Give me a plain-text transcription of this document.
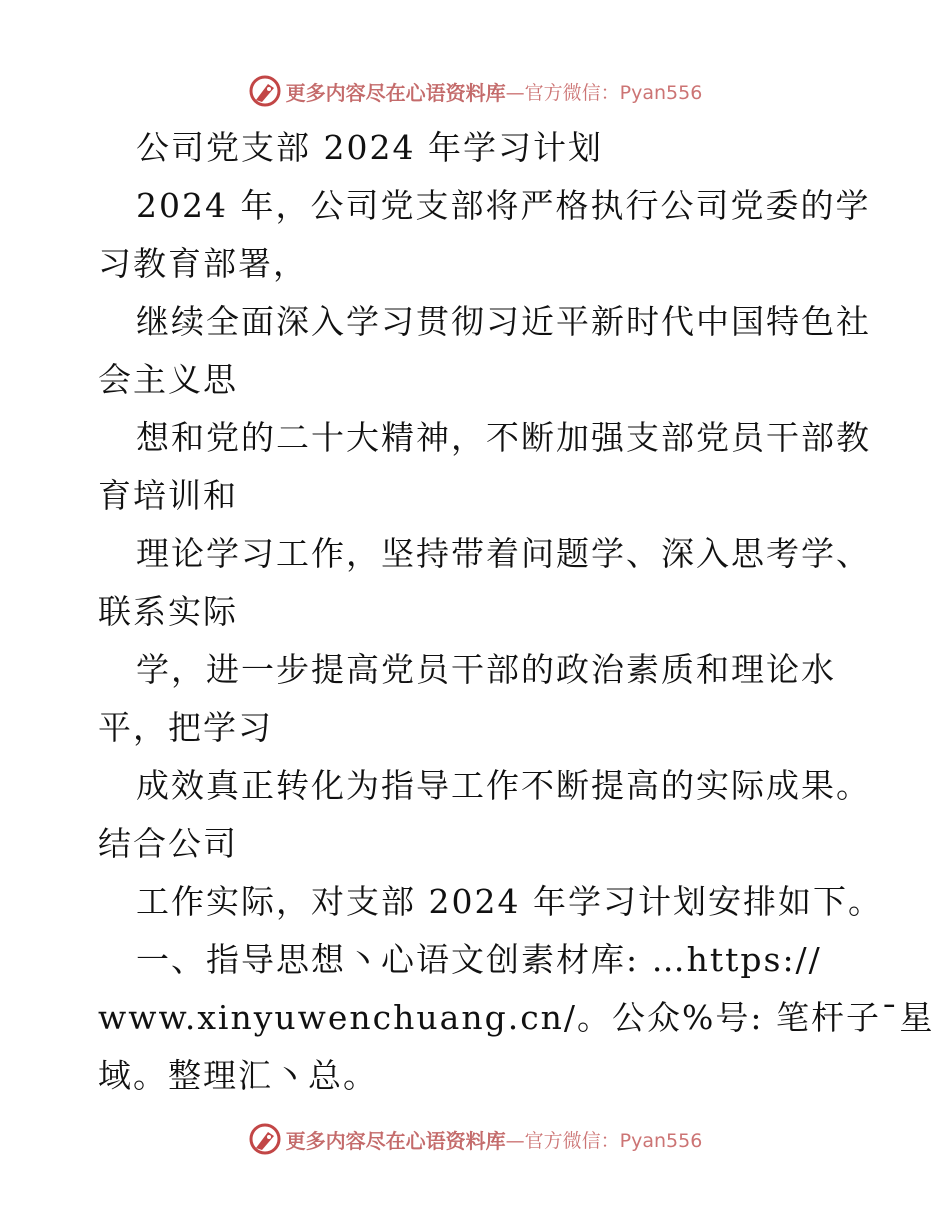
更多内容尽在心语资料库 —官方微信：Pyan556
公司党支部 2024 年学习计划
2024 年，公司党支部将严格执行公司党委的学
习教育部署，
继续全面深入学习贯彻习近平新时代中国特色社
会主义思
想和党的二十大精神，不断加强支部党员干部教
育培训和
理论学习工作，坚持带着问题学、深入思考学、
联系实际
学，进一步提高党员干部的政治素质和理论水
平，把学习
成效真正转化为指导工作不断提高的实际成果。
结合公司
工作实际，对支部 2024 年学习计划安排如下。
一、指导思想丶心语文创素材库: …https://
www.xinyuwenchuang.cn/。公众%号: 笔杆子¯星
域。整理汇丶总。
更多内容尽在心语资料库 —官方微信：Pyan556
